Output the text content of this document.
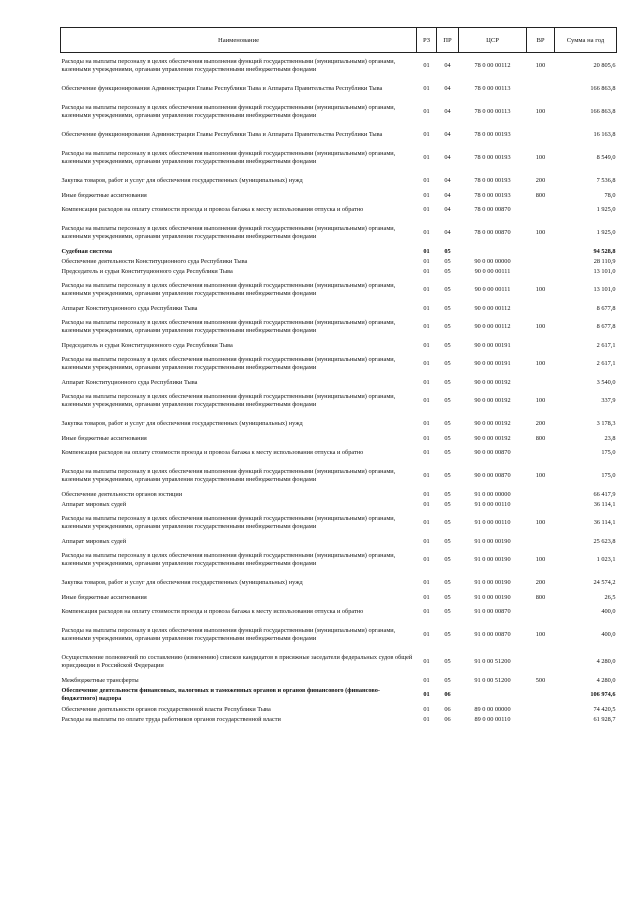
Наименование	РЗ	ПР	ЦСР	ВР	Сумма на год
Расходы на выплаты персоналу в целях обеспечения выполнения функций государственными (муниципальными) органами, казенными учреждениями, органами управления государственными внебюджетными фондами	01	04	78 0 00 00112	100	20 805,6
Обеспечение функционирования Администрации Главы Республики Тыва и Аппарата Правительства Республики Тыва	01	04	78 0 00 00113		166 863,8
Расходы на выплаты персоналу в целях обеспечения выполнения функций государственными (муниципальными) органами, казенными учреждениями, органами управления государственными внебюджетными фондами	01	04	78 0 00 00113	100	166 863,8
Обеспечение функционирования Администрации Главы Республики Тыва и Аппарата Правительства Республики Тыва	01	04	78 0 00 00193		16 163,8
Расходы на выплаты персоналу в целях обеспечения выполнения функций государственными (муниципальными) органами, казенными учреждениями, органами управления государственными внебюджетными фондами	01	04	78 0 00 00193	100	8 549,0
Закупка товаров, работ и услуг для обеспечения государственных (муниципальных) нужд	01	04	78 0 00 00193	200	7 536,8
Иные бюджетные ассигнования	01	04	78 0 00 00193	800	78,0
Компенсация расходов на оплату стоимости проезда и провоза багажа к месту использования отпуска и обратно	01	04	78 0 00 00870		1 925,0
Расходы на выплаты персоналу в целях обеспечения выполнения функций государственными (муниципальными) органами, казенными учреждениями, органами управления государственными внебюджетными фондами	01	04	78 0 00 00870	100	1 925,0
Судебная система	01	05			94 528,8
Обеспечение деятельности Конституционного суда Республики Тыва	01	05	90 0 00 00000		28 110,9
Председатель и судьи Конституционного суда Республики Тыва	01	05	90 0 00 00111		13 101,0
Расходы на выплаты персоналу в целях обеспечения выполнения функций государственными (муниципальными) органами, казенными учреждениями, органами управления государственными внебюджетными фондами	01	05	90 0 00 00111	100	13 101,0
Аппарат Конституционного суда Республики Тыва	01	05	90 0 00 00112		8 677,8
Расходы на выплаты персоналу в целях обеспечения выполнения функций государственными (муниципальными) органами, казенными учреждениями, органами управления государственными внебюджетными фондами	01	05	90 0 00 00112	100	8 677,8
Председатель и судьи Конституционного суда Республики Тыва	01	05	90 0 00 00191		2 617,1
Расходы на выплаты персоналу в целях обеспечения выполнения функций государственными (муниципальными) органами, казенными учреждениями, органами управления государственными внебюджетными фондами	01	05	90 0 00 00191	100	2 617,1
Аппарат Конституционного суда Республики Тыва	01	05	90 0 00 00192		3 540,0
Расходы на выплаты персоналу в целях обеспечения выполнения функций государственными (муниципальными) органами, казенными учреждениями, органами управления государственными внебюджетными фондами	01	05	90 0 00 00192	100	337,9
Закупка товаров, работ и услуг для обеспечения государственных (муниципальных) нужд	01	05	90 0 00 00192	200	3 178,3
Иные бюджетные ассигнования	01	05	90 0 00 00192	800	23,8
Компенсация расходов на оплату стоимости проезда и провоза багажа к месту использования отпуска и обратно	01	05	90 0 00 00870		175,0
Расходы на выплаты персоналу в целях обеспечения выполнения функций государственными (муниципальными) органами, казенными учреждениями, органами управления государственными внебюджетными фондами	01	05	90 0 00 00870	100	175,0
Обеспечение деятельности органов юстиции	01	05	91 0 00 00000		66 417,9
Аппарат мировых судей	01	05	91 0 00 00110		36 114,1
Расходы на выплаты персоналу в целях обеспечения выполнения функций государственными (муниципальными) органами, казенными учреждениями, органами управления государственными внебюджетными фондами	01	05	91 0 00 00110	100	36 114,1
Аппарат мировых судей	01	05	91 0 00 00190		25 623,8
Расходы на выплаты персоналу в целях обеспечения выполнения функций государственными (муниципальными) органами, казенными учреждениями, органами управления государственными внебюджетными фондами	01	05	91 0 00 00190	100	1 023,1
Закупка товаров, работ и услуг для обеспечения государственных (муниципальных) нужд	01	05	91 0 00 00190	200	24 574,2
Иные бюджетные ассигнования	01	05	91 0 00 00190	800	26,5
Компенсация расходов на оплату стоимости проезда и провоза багажа к месту использования отпуска и обратно	01	05	91 0 00 00870		400,0
Расходы на выплаты персоналу в целях обеспечения выполнения функций государственными (муниципальными) органами, казенными учреждениями, органами управления государственными внебюджетными фондами	01	05	91 0 00 00870	100	400,0
Осуществление полномочий по составлению (изменению) списков кандидатов в присяжные заседатели федеральных судов общей юрисдикции в Российской Федерации	01	05	91 0 00 51200		4 280,0
Межбюджетные трансферты	01	05	91 0 00 51200	500	4 280,0
Обеспечение деятельности финансовых, налоговых и таможенных органов и органов финансового (финансово-бюджетного) надзора	01	06			106 974,6
Обеспечение деятельности органов государственной власти Республики Тыва	01	06	89 0 00 00000		74 420,5
Расходы на выплаты по оплате труда работников органов государственной власти	01	06	89 0 00 00110		61 928,7
